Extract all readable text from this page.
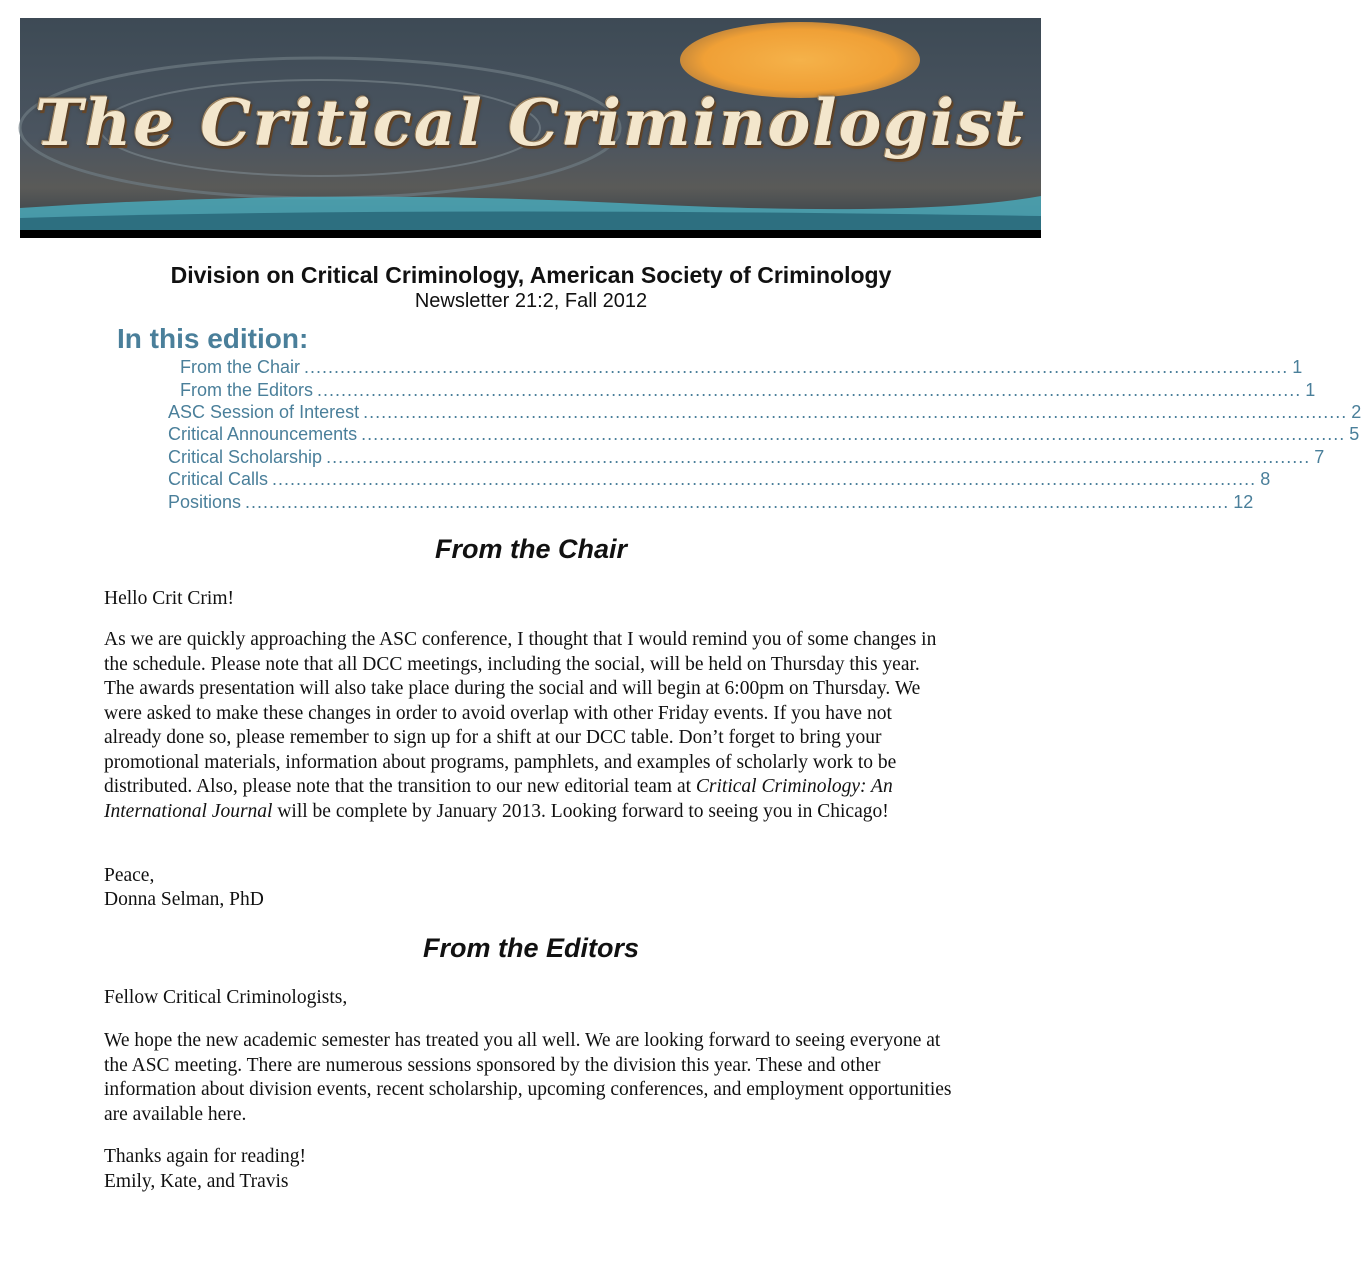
The Critical Criminologist
Division on Critical Criminology, American Society of Criminology
Newsletter 21:2, Fall 2012
In this edition:
From the Chair .................................................................................................................................................................... 1
From the Editors .................................................................................................................................................................... 1
ASC Session of Interest .................................................................................................................................................................... 2
Critical Announcements .................................................................................................................................................................... 5
Critical Scholarship .................................................................................................................................................................... 7
Critical Calls .................................................................................................................................................................... 8
Positions .................................................................................................................................................................... 12
From the Chair
Hello Crit Crim!
As we are quickly approaching the ASC conference, I thought that I would remind you of some changes in the schedule. Please note that all DCC meetings, including the social, will be held on Thursday this year. The awards presentation will also take place during the social and will begin at 6:00pm on Thursday. We were asked to make these changes in order to avoid overlap with other Friday events. If you have not already done so, please remember to sign up for a shift at our DCC table. Don’t forget to bring your promotional materials, information about programs, pamphlets, and examples of scholarly work to be distributed. Also, please note that the transition to our new editorial team at Critical Criminology: An International Journal will be complete by January 2013. Looking forward to seeing you in Chicago!
Peace,
Donna Selman, PhD
From the Editors
Fellow Critical Criminologists,
We hope the new academic semester has treated you all well. We are looking forward to seeing everyone at the ASC meeting. There are numerous sessions sponsored by the division this year. These and other information about division events, recent scholarship, upcoming conferences, and employment opportunities are available here.
Thanks again for reading!
Emily, Kate, and Travis
